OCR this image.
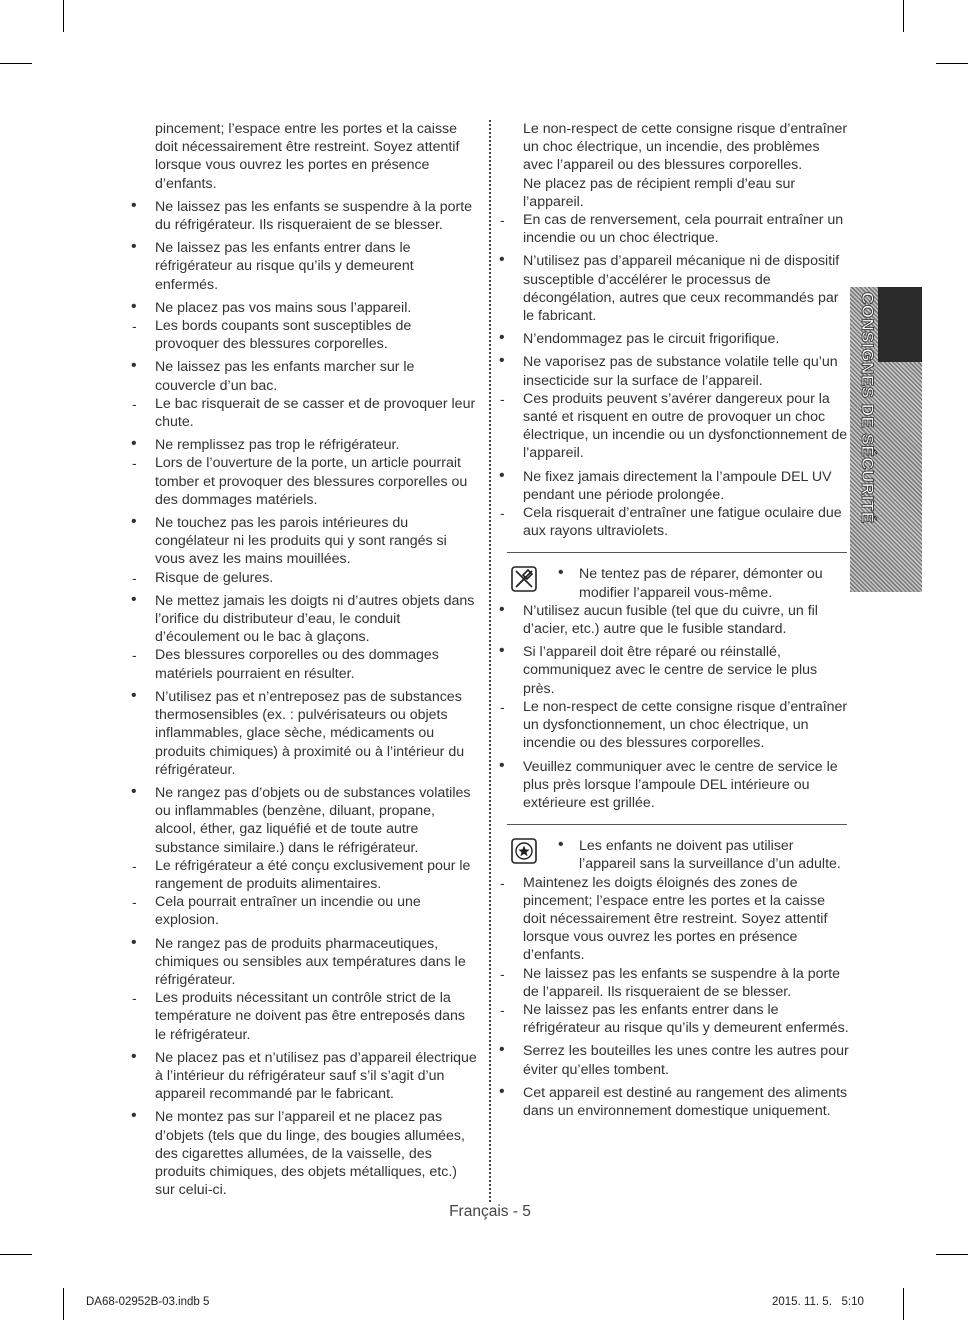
pincement; l’espace entre les portes et la caisse doit nécessairement être restreint. Soyez attentif lorsque vous ouvrez les portes en présence d’enfants.
• Ne laissez pas les enfants se suspendre à la porte du réfrigérateur. Ils risqueraient de se blesser.
• Ne laissez pas les enfants entrer dans le réfrigérateur au risque qu’ils y demeurent enfermés.
• Ne placez pas vos mains sous l’appareil.
- Les bords coupants sont susceptibles de provoquer des blessures corporelles.
• Ne laissez pas les enfants marcher sur le couvercle d’un bac.
- Le bac risquerait de se casser et de provoquer leur chute.
• Ne remplissez pas trop le réfrigérateur.
- Lors de l’ouverture de la porte, un article pourrait tomber et provoquer des blessures corporelles ou des dommages matériels.
• Ne touchez pas les parois intérieures du congélateur ni les produits qui y sont rangés si vous avez les mains mouillées.
- Risque de gelures.
• Ne mettez jamais les doigts ni d’autres objets dans l’orifice du distributeur d’eau, le conduit d’écoulement ou le bac à glaçons.
- Des blessures corporelles ou des dommages matériels pourraient en résulter.
• N’utilisez pas et n’entreposez pas de substances thermosensibles (ex. : pulvérisateurs ou objets inflammables, glace sèche, médicaments ou produits chimiques) à proximité ou à l’intérieur du réfrigérateur.
• Ne rangez pas d’objets ou de substances volatiles ou inflammables (benzène, diluant, propane, alcool, éther, gaz liquéfié et de toute autre substance similaire.) dans le réfrigérateur.
- Le réfrigérateur a été conçu exclusivement pour le rangement de produits alimentaires.
- Cela pourrait entraîner un incendie ou une explosion.
• Ne rangez pas de produits pharmaceutiques, chimiques ou sensibles aux températures dans le réfrigérateur.
- Les produits nécessitant un contrôle strict de la température ne doivent pas être entreposés dans le réfrigérateur.
• Ne placez pas et n’utilisez pas d’appareil électrique à l’intérieur du réfrigérateur sauf s’il s’agit d’un appareil recommandé par le fabricant.
• Ne montez pas sur l’appareil et ne placez pas d’objets (tels que du linge, des bougies allumées, des cigarettes allumées, de la vaisselle, des produits chimiques, des objets métalliques, etc.) sur celui-ci.
Le non-respect de cette consigne risque d’entraîner un choc électrique, un incendie, des problèmes avec l’appareil ou des blessures corporelles.
Ne placez pas de récipient rempli d’eau sur l’appareil.
- En cas de renversement, cela pourrait entraîner un incendie ou un choc électrique.
• N’utilisez pas d’appareil mécanique ni de dispositif susceptible d’accélérer le processus de décongélation, autres que ceux recommandés par le fabricant.
• N’endommagez pas le circuit frigorifique.
• Ne vaporisez pas de substance volatile telle qu’un insecticide sur la surface de l’appareil.
- Ces produits peuvent s’avérer dangereux pour la santé et risquent en outre de provoquer un choc électrique, un incendie ou un dysfonctionnement de l’appareil.
• Ne fixez jamais directement la l’ampoule DEL UV pendant une période prolongée.
- Cela risquerait d’entraîner une fatigue oculaire due aux rayons ultraviolets.
• Ne tentez pas de réparer, démonter ou modifier l’appareil vous-même.
• N’utilisez aucun fusible (tel que du cuivre, un fil d’acier, etc.) autre que le fusible standard.
• Si l’appareil doit être réparé ou réinstallé, communiquez avec le centre de service le plus près.
- Le non-respect de cette consigne risque d’entraîner un dysfonctionnement, un choc électrique, un incendie ou des blessures corporelles.
• Veuillez communiquer avec le centre de service le plus près lorsque l’ampoule DEL intérieure ou extérieure est grillée.
• Les enfants ne doivent pas utiliser l’appareil sans la surveillance d’un adulte.
- Maintenez les doigts éloignés des zones de pincement; l’espace entre les portes et la caisse doit nécessairement être restreint. Soyez attentif lorsque vous ouvrez les portes en présence d’enfants.
- Ne laissez pas les enfants se suspendre à la porte de l’appareil. Ils risqueraient de se blesser.
- Ne laissez pas les enfants entrer dans le réfrigérateur au risque qu’ils y demeurent enfermés.
• Serrez les bouteilles les unes contre les autres pour éviter qu’elles tombent.
• Cet appareil est destiné au rangement des aliments dans un environnement domestique uniquement.
CONSIGNES DE SÉCURITÉ
Français - 5
DA68-02952B-03.indb 5	2015. 11. 5.   5:10
